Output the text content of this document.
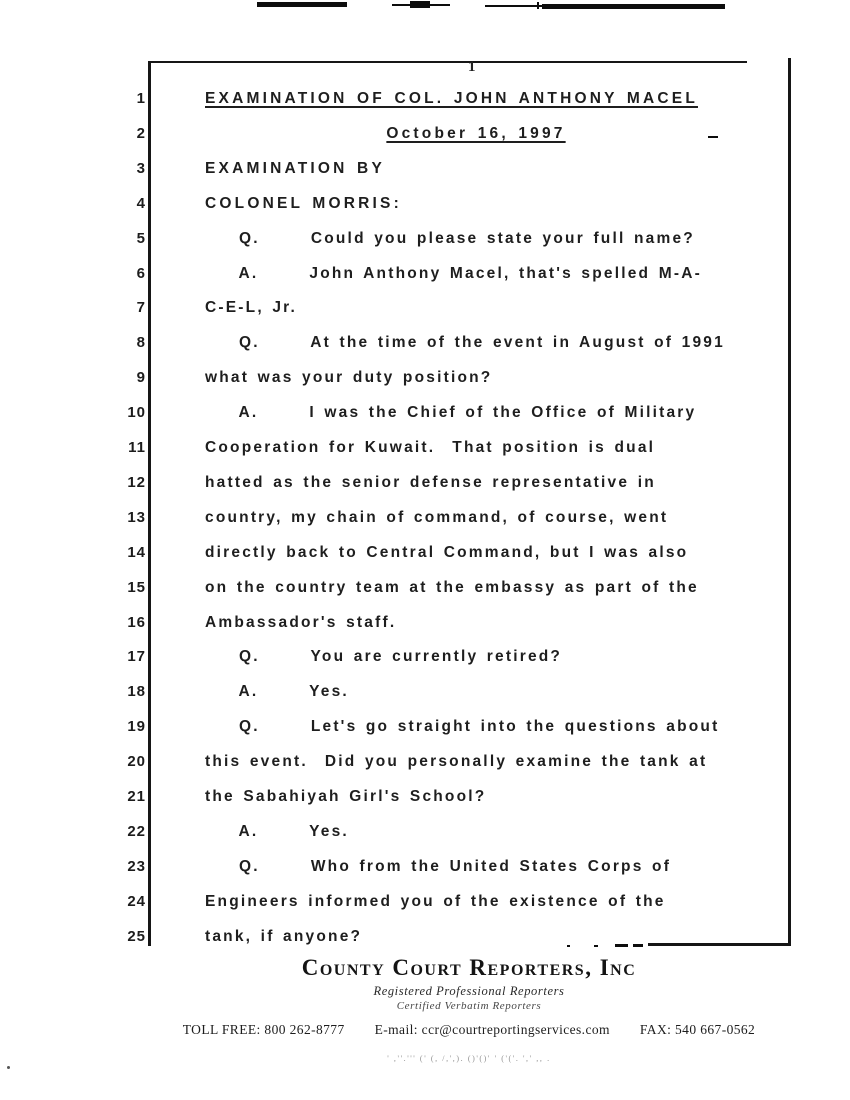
1
1	EXAMINATION OF COL. JOHN ANTHONY MACEL
2	October 16, 1997
3	EXAMINATION BY
4	COLONEL MORRIS:
5	Q.      Could you please state your full name?
6	A.      John Anthony Macel, that's spelled M-A-
7	C-E-L, Jr.
8	Q.      At the time of the event in August of 1991
9	what was your duty position?
10	A.      I was the Chief of the Office of Military
11	Cooperation for Kuwait.  That position is dual
12	hatted as the senior defense representative in
13	country, my chain of command, of course, went
14	directly back to Central Command, but I was also
15	on the country team at the embassy as part of the
16	Ambassador's staff.
17	Q.      You are currently retired?
18	A.      Yes.
19	Q.      Let's go straight into the questions about
20	this event.  Did you personally examine the tank at
21	the Sabahiyah Girl's School?
22	A.      Yes.
23	Q.      Who from the United States Corps of
24	Engineers informed you of the existence of the
25	tank, if anyone?
County Court Reporters, Inc
Registered Professional Reporters
Certified Verbatim Reporters
TOLL FREE: 800 262-8777 E-mail: ccr@courtreportingservices.com FAX: 540 667-0562
' ,''.''' (' (, /,',). ()'()' ' ('('. ',' ,, .
